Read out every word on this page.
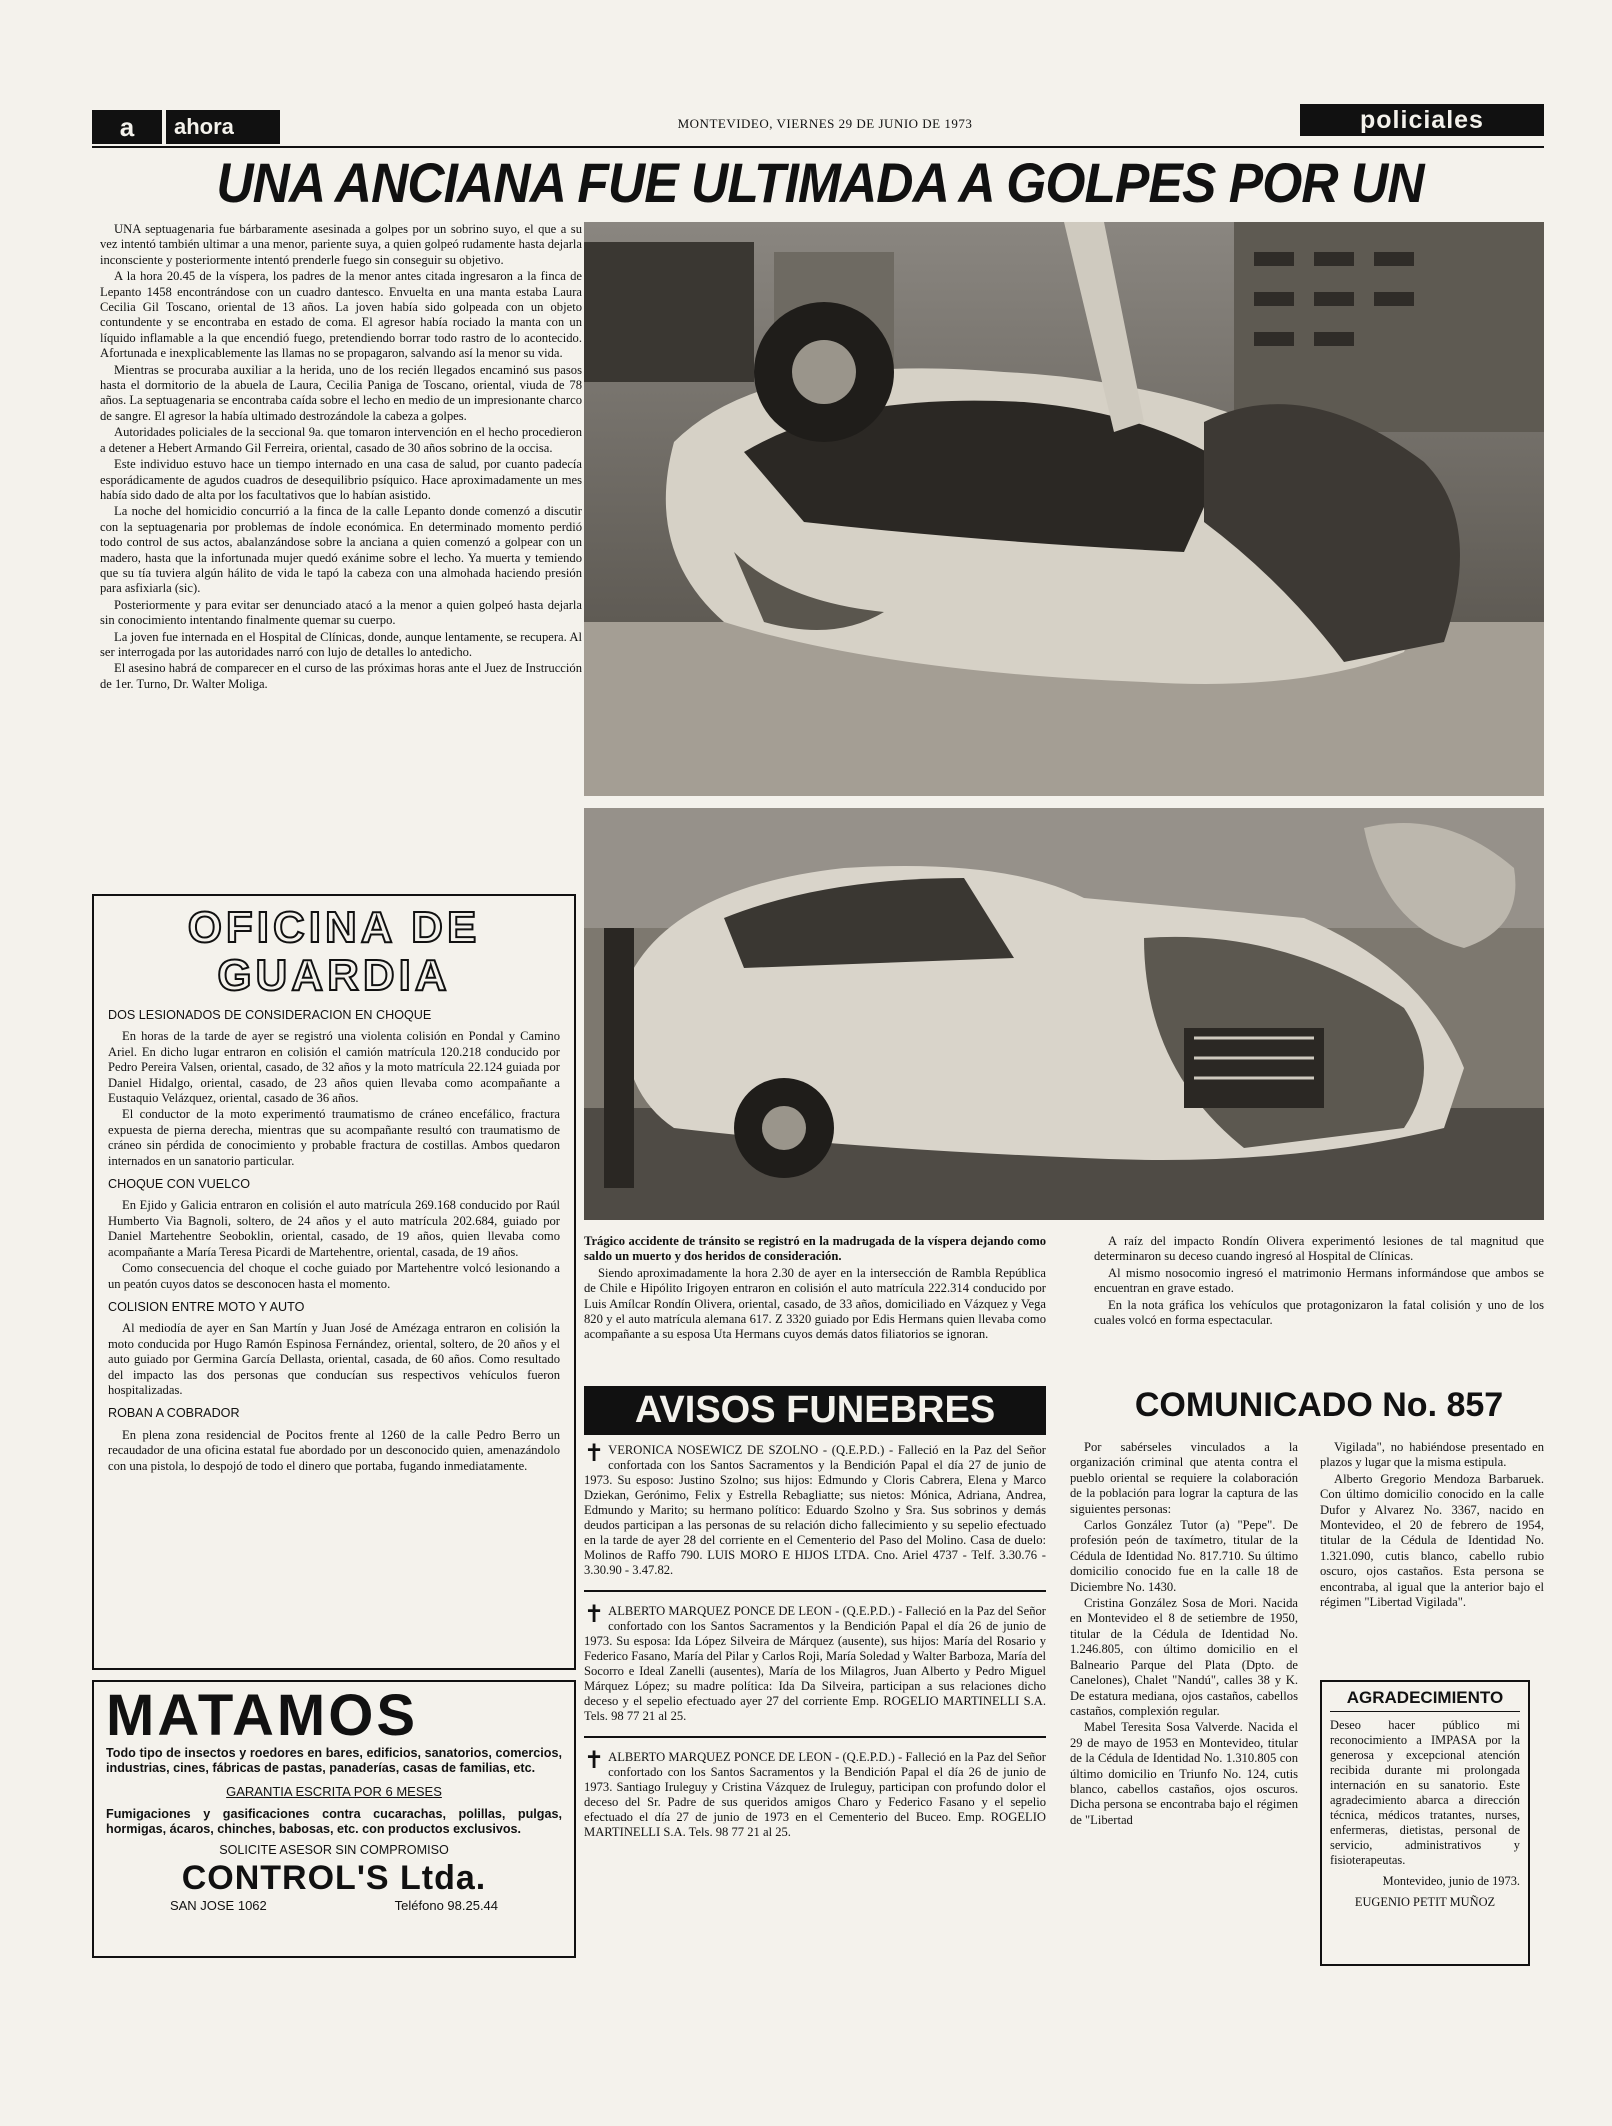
a	ahora	MONTEVIDEO, VIERNES 29 DE JUNIO DE 1973	policiales
UNA ANCIANA FUE ULTIMADA A GOLPES POR UN

UNA septuagenaria fue bárbaramente asesinada a golpes por un sobrino suyo, el que a su vez intentó también ultimar a una menor, pariente suya, a quien golpeó rudamente hasta dejarla inconsciente y posteriormente intentó prenderle fuego sin conseguir su objetivo.

A la hora 20.45 de la víspera, los padres de la menor antes citada ingresaron a la finca de Lepanto 1458 encontrándose con un cuadro dantesco. Envuelta en una manta estaba Laura Cecilia Gil Toscano, oriental de 13 años. La joven había sido golpeada con un objeto contundente y se encontraba en estado de coma. El agresor había rociado la manta con un líquido inflamable a la que encendió fuego, pretendiendo borrar todo rastro de lo acontecido. Afortunada e inexplicablemente las llamas no se propagaron, salvando así la menor su vida.

Mientras se procuraba auxiliar a la herida, uno de los recién llegados encaminó sus pasos hasta el dormitorio de la abuela de Laura, Cecilia Paniga de Toscano, oriental, viuda de 78 años. La septuagenaria se encontraba caída sobre el lecho en medio de un impresionante charco de sangre. El agresor la había ultimado destrozándole la cabeza a golpes.

Autoridades policiales de la seccional 9a. que tomaron intervención en el hecho procedieron a detener a Hebert Armando Gil Ferreira, oriental, casado de 30 años sobrino de la occisa.

Este individuo estuvo hace un tiempo internado en una casa de salud, por cuanto padecía esporádicamente de agudos cuadros de desequilibrio psíquico. Hace aproximadamente un mes había sido dado de alta por los facultativos que lo habían asistido.

La noche del homicidio concurrió a la finca de la calle Lepanto donde comenzó a discutir con la septuagenaria por problemas de índole económica. En determinado momento perdió todo control de sus actos, abalanzándose sobre la anciana a quien comenzó a golpear con un madero, hasta que la infortunada mujer quedó exánime sobre el lecho. Ya muerta y temiendo que su tía tuviera algún hálito de vida le tapó la cabeza con una almohada haciendo presión para asfixiarla (sic).

Posteriormente y para evitar ser denunciado atacó a la menor a quien golpeó hasta dejarla sin conocimiento intentando finalmente quemar su cuerpo.

La joven fue internada en el Hospital de Clínicas, donde, aunque lentamente, se recupera. Al ser interrogada por las autoridades narró con lujo de detalles lo antedicho.

El asesino habrá de comparecer en el curso de las próximas horas ante el Juez de Instrucción de 1er. Turno, Dr. Walter Moliga.

Trágico accidente de tránsito se registró en la madrugada de la víspera dejando como saldo un muerto y dos heridos de consideración.

Siendo aproximadamente la hora 2.30 de ayer en la intersección de Rambla República de Chile e Hipólito Irigoyen entraron en colisión el auto matrícula 222.314 conducido por Luis Amílcar Rondín Olivera, oriental, casado, de 33 años, domiciliado en Vázquez y Vega 820 y el auto matrícula alemana 617. Z 3320 guiado por Edis Hermans quien llevaba como acompañante a su esposa Uta Hermans cuyos demás datos filiatorios se ignoran.

A raíz del impacto Rondín Olivera experimentó lesiones de tal magnitud que determinaron su deceso cuando ingresó al Hospital de Clínicas.

Al mismo nosocomio ingresó el matrimonio Hermans informándose que ambos se encuentran en grave estado.

En la nota gráfica los vehículos que protagonizaron la fatal colisión y uno de los cuales volcó en forma espectacular.

OFICINA DE
GUARDIA
DOS LESIONADOS DE CONSIDERACION EN CHOQUE

En horas de la tarde de ayer se registró una violenta colisión en Pondal y Camino Ariel. En dicho lugar entraron en colisión el camión matrícula 120.218 conducido por Pedro Pereira Valsen, oriental, casado, de 32 años y la moto matrícula 22.124 guiada por Daniel Hidalgo, oriental, casado, de 23 años quien llevaba como acompañante a Eustaquio Velázquez, oriental, casado de 36 años.

El conductor de la moto experimentó traumatismo de cráneo encefálico, fractura expuesta de pierna derecha, mientras que su acompañante resultó con traumatismo de cráneo sin pérdida de conocimiento y probable fractura de costillas. Ambos quedaron internados en un sanatorio particular.

CHOQUE CON VUELCO

En Ejido y Galicia entraron en colisión el auto matrícula 269.168 conducido por Raúl Humberto Via Bagnoli, soltero, de 24 años y el auto matrícula 202.684, guiado por Daniel Martehentre Seoboklin, oriental, casado, de 19 años, quien llevaba como acompañante a María Teresa Picardi de Martehentre, oriental, casada, de 19 años.

Como consecuencia del choque el coche guiado por Martehentre volcó lesionando a un peatón cuyos datos se desconocen hasta el momento.

COLISION ENTRE MOTO Y AUTO

Al mediodía de ayer en San Martín y Juan José de Amézaga entraron en colisión la moto conducida por Hugo Ramón Espinosa Fernández, oriental, soltero, de 20 años y el auto guiado por Germina García Dellasta, oriental, casada, de 60 años. Como resultado del impacto las dos personas que conducían sus respectivos vehículos fueron hospitalizadas.

ROBAN A COBRADOR

En plena zona residencial de Pocitos frente al 1260 de la calle Pedro Berro un recaudador de una oficina estatal fue abordado por un desconocido quien, amenazándolo con una pistola, lo despojó de todo el dinero que portaba, fugando inmediatamente.

MATAMOS
Todo tipo de insectos y roedores en bares, edificios, sanatorios, comercios, industrias, cines, fábricas de pastas, panaderías, casas de familias, etc.
GARANTIA ESCRITA POR 6 MESES
Fumigaciones y gasificaciones contra cucarachas, polillas, pulgas, hormigas, ácaros, chinches, babosas, etc. con productos exclusivos.
SOLICITE ASESOR SIN COMPROMISO
CONTROL'S Ltda.
SAN JOSE 1062	Teléfono 98.25.44
AVISOS FUNEBRES
✝ VERONICA NOSEWICZ DE SZOLNO - (Q.E.P.D.) - Falleció en la Paz del Señor confortada con los Santos Sacramentos y la Bendición Papal el día 27 de junio de 1973. Su esposo: Justino Szolno; sus hijos: Edmundo y Cloris Cabrera, Elena y Marco Dziekan, Gerónimo, Felix y Estrella Rebagliatte; sus nietos: Mónica, Adriana, Andrea, Edmundo y Marito; su hermano político: Eduardo Szolno y Sra. Sus sobrinos y demás deudos participan a las personas de su relación dicho fallecimiento y su sepelio efectuado en la tarde de ayer 28 del corriente en el Cementerio del Paso del Molino. Casa de duelo: Molinos de Raffo 790. LUIS MORO E HIJOS LTDA. Cno. Ariel 4737 - Telf. 3.30.76 - 3.30.90 - 3.47.82.
✝ ALBERTO MARQUEZ PONCE DE LEON - (Q.E.P.D.) - Falleció en la Paz del Señor confortado con los Santos Sacramentos y la Bendición Papal el día 26 de junio de 1973. Su esposa: Ida López Silveira de Márquez (ausente), sus hijos: María del Rosario y Federico Fasano, María del Pilar y Carlos Roji, María Soledad y Walter Barboza, María del Socorro e Ideal Zanelli (ausentes), María de los Milagros, Juan Alberto y Pedro Miguel Márquez López; su madre política: Ida Da Silveira, participan a sus relaciones dicho deceso y el sepelio efectuado ayer 27 del corriente Emp. ROGELIO MARTINELLI S.A. Tels. 98 77 21 al 25.
✝ ALBERTO MARQUEZ PONCE DE LEON - (Q.E.P.D.) - Falleció en la Paz del Señor confortado con los Santos Sacramentos y la Bendición Papal el día 26 de junio de 1973. Santiago Iruleguy y Cristina Vázquez de Iruleguy, participan con profundo dolor el deceso del Sr. Padre de sus queridos amigos Charo y Federico Fasano y el sepelio efectuado el día 27 de junio de 1973 en el Cementerio del Buceo. Emp. ROGELIO MARTINELLI S.A. Tels. 98 77 21 al 25.
COMUNICADO No. 857

Por sabérseles vinculados a la organización criminal que atenta contra el pueblo oriental se requiere la colaboración de la población para lograr la captura de las siguientes personas:

Carlos González Tutor (a) "Pepe". De profesión peón de taxímetro, titular de la Cédula de Identidad No. 817.710. Su último domicilio conocido fue en la calle 18 de Diciembre No. 1430.

Cristina González Sosa de Mori. Nacida en Montevideo el 8 de setiembre de 1950, titular de la Cédula de Identidad No. 1.246.805, con último domicilio en el Balneario Parque del Plata (Dpto. de Canelones), Chalet "Nandú", calles 38 y K. De estatura mediana, ojos castaños, cabellos castaños, complexión regular.

Mabel Teresita Sosa Valverde. Nacida el 29 de mayo de 1953 en Montevideo, titular de la Cédula de Identidad No. 1.310.805 con último domicilio en Triunfo No. 124, cutis blanco, cabellos castaños, ojos oscuros. Dicha persona se encontraba bajo el régimen de "Libertad

Vigilada", no habiéndose presentado en plazos y lugar que la misma estipula.

Alberto Gregorio Mendoza Barbaruek. Con último domicilio conocido en la calle Dufor y Alvarez No. 3367, nacido en Montevideo, el 20 de febrero de 1954, titular de la Cédula de Identidad No. 1.321.090, cutis blanco, cabello rubio oscuro, ojos castaños. Esta persona se encontraba, al igual que la anterior bajo el régimen "Libertad Vigilada".

AGRADECIMIENTO
Deseo hacer público mi reconocimiento a IMPASA por la generosa y excepcional atención recibida durante mi prolongada internación en su sanatorio. Este agradecimiento abarca a dirección técnica, médicos tratantes, nurses, enfermeras, dietistas, personal de servicio, administrativos y fisioterapeutas.
Montevideo, junio de 1973.
EUGENIO PETIT MUÑOZ
